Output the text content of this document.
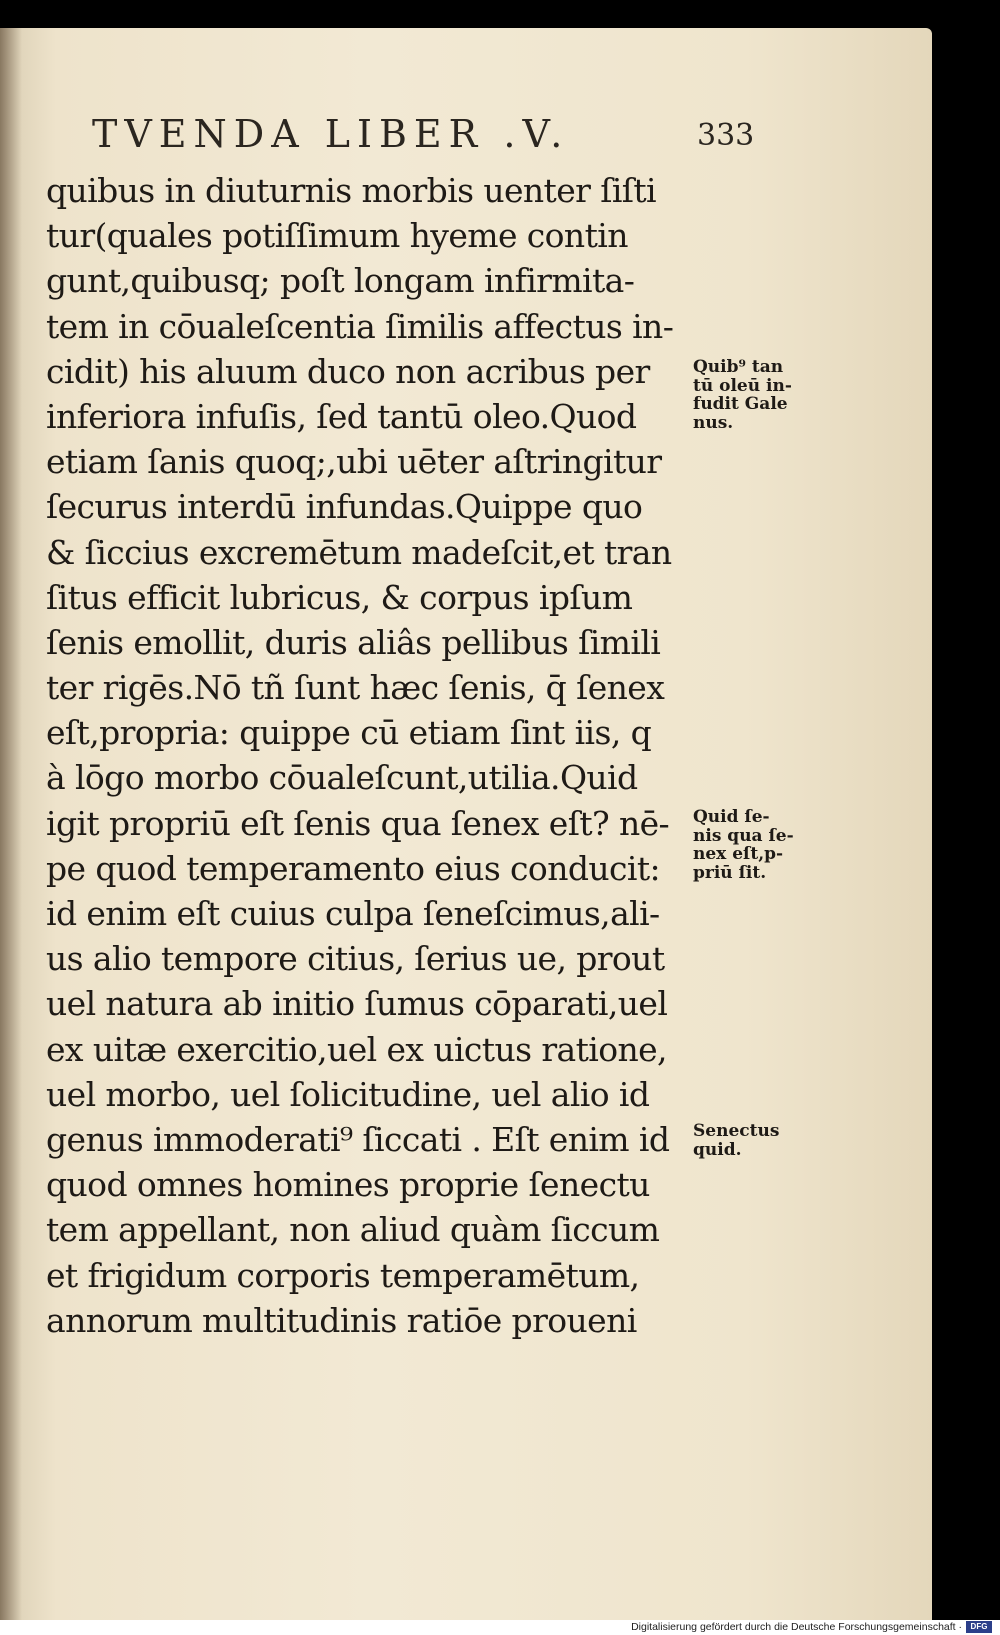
TVENDA LIBER .V.	333
quibus in diuturnis morbis uenter ſiſti
tur(quales potiſſimum hyeme contin
gunt,quibusq; poſt longam infirmita-
tem in cōualeſcentia ſimilis affectus in-
cidit) his aluum duco non acribus per
inferiora infuſis, ſed tantū oleo.Quod
etiam ſanis quoq;,ubi uēter aſtringitur
ſecurus interdū infundas.Quippe quo
& ſiccius excremētum madeſcit,et tran
ſitus efficit lubricus, & corpus ipſum
ſenis emollit, duris aliâs pellibus ſimili
ter rigēs.Nō tñ ſunt hæc ſenis, q̄ ſenex
eſt,propria: quippe cū etiam ſint iis, q
à lōgo morbo cōualeſcunt,utilia.Quid
igit propriū eſt ſenis qua ſenex eſt? nē-
pe quod temperamento eius conducit:
id enim eſt cuius culpa ſeneſcimus,ali-
us alio tempore citius, ſerius ue, prout
uel natura ab initio ſumus cōparati,uel
ex uitæ exercitio,uel ex uictus ratione,
uel morbo, uel ſolicitudine, uel alio id
genus immoderati⁹ ſiccati . Eſt enim id
quod omnes homines proprie ſenectu
tem appellant, non aliud quàm ſiccum
et frigidum corporis temperamētum,
annorum multitudinis ratiōe proueni
Quib⁹ tan
tū oleū in-
fudit Gale
nus.
Quid ſe-
nis qua ſe-
nex eſt,p-
priū ſit.
Senectus
quid.
Digitalisierung gefördert durch die Deutsche Forschungsgemeinschaft ·	DFG
